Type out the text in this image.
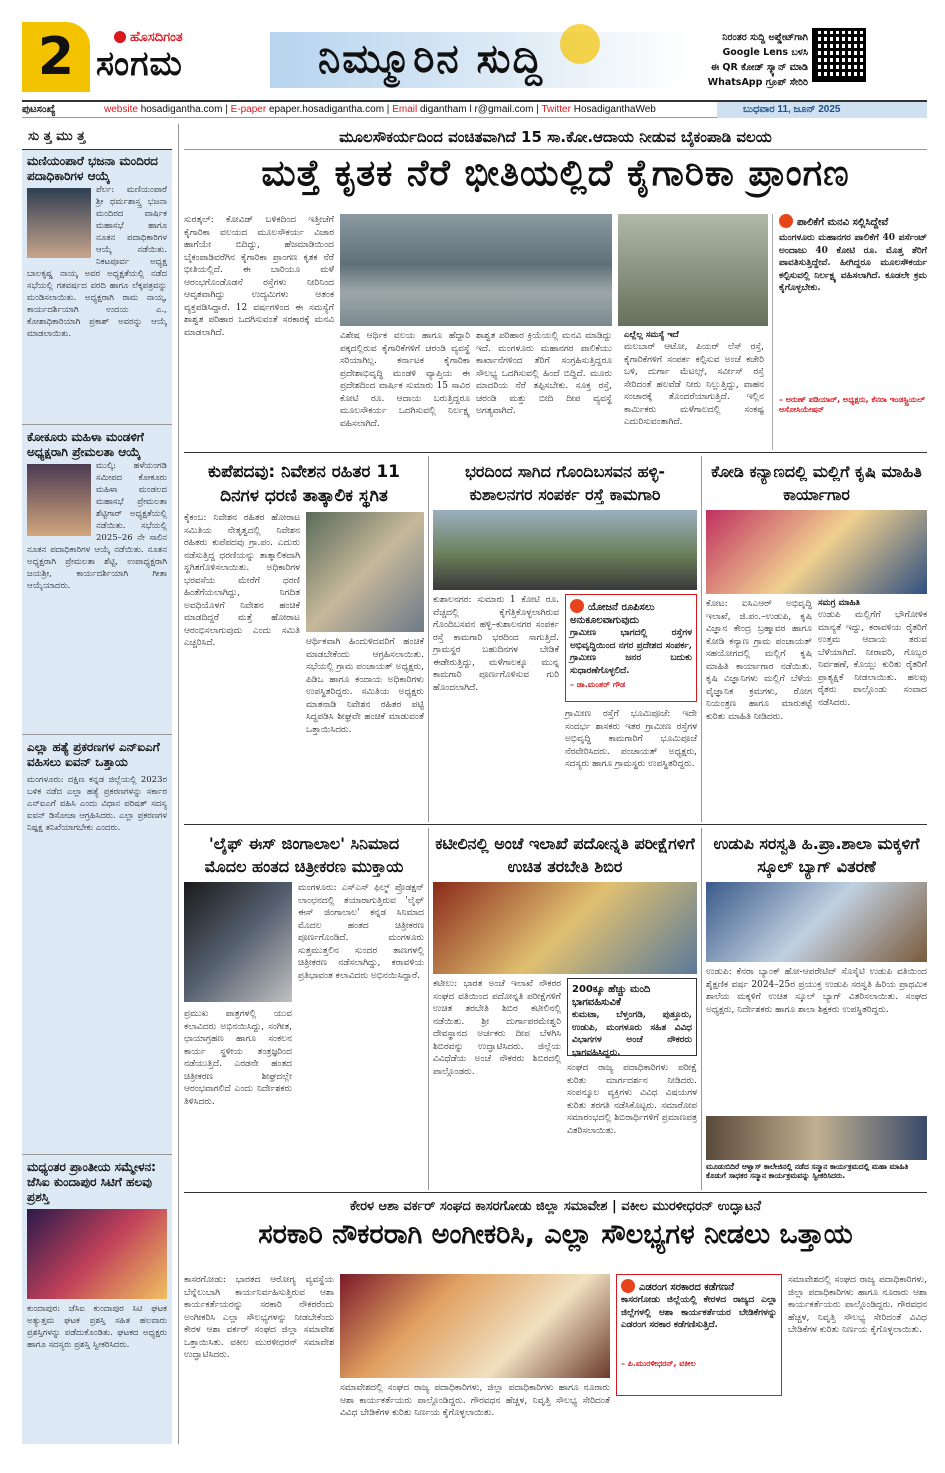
2	ಹೊಸದಿಗಂತ
ಸಂಗಮ	ನಿಮ್ಮೂರಿನ ಸುದ್ದಿ	ನಿರಂತರ ಸುದ್ದಿ ಅಪ್ಡೇಟ್‌ಗಾಗಿ
Google Lens ಬಳಸಿ
ಈ QR ಕೋಡ್ ಸ್ಕ್ಯಾನ್ ಮಾಡಿ
WhatsApp ಗ್ರೂಪ್ ಸೇರಿರಿ
ಪುಟಸಂಖ್ಯೆ	website hosadigantha.com | E-paper epaper.hosadigantha.com | Email digantham l r@gmail.com | Twitter HosadiganthaWeb	ಬುಧವಾರ 11, ಜೂನ್ 2025
ಸು ತ್ತ ಮು ತ್ತ
ಮಣಿಯಂಪಾರೆ ಭಜನಾ ಮಂದಿರದ ಪದಾಧಿಕಾರಿಗಳ ಆಯ್ಕೆ
ಪೆರ್ಲ: ಮಣಿಯಂಪಾರೆ ಶ್ರೀ ಧರ್ಮಶಾಸ್ತ್ರ ಭಜನಾ ಮಂದಿರದ ವಾರ್ಷಿಕ ಮಹಾಸಭೆ ಹಾಗೂ ನೂತನ ಪದಾಧಿಕಾರಿಗಳ ಆಯ್ಕೆ ನಡೆಯಿತು. ನಿಕಟಪೂರ್ವ ಅಧ್ಯಕ್ಷ ಬಾಲಕೃಷ್ಣ ನಾಯ್ಕ ಅವರ ಅಧ್ಯಕ್ಷತೆಯಲ್ಲಿ ನಡೆದ ಸಭೆಯಲ್ಲಿ ಗತವರ್ಷದ ವರದಿ ಹಾಗೂ ಲೆಕ್ಕಪತ್ರವನ್ನು ಮಂಡಿಸಲಾಯಿತು. ಅಧ್ಯಕ್ಷರಾಗಿ ರಾಮ ನಾಯ್ಕ, ಕಾರ್ಯದರ್ಶಿಯಾಗಿ ಉದಯ ಎ., ಕೋಶಾಧಿಕಾರಿಯಾಗಿ ಪ್ರಕಾಶ್ ಅವರನ್ನು ಆಯ್ಕೆ ಮಾಡಲಾಯಿತು.
ಕೋಕೂರು ಮಹಿಳಾ ಮಂಡಳಿಗೆ ಅಧ್ಯಕ್ಷರಾಗಿ ಪ್ರೇಮಲತಾ ಆಯ್ಕೆ
ಮುಲ್ಕಿ: ಹಳೆಯಂಗಡಿ ಸಮೀಪದ ಕೋಕೂರು ಮಹಿಳಾ ಮಂಡಲದ ಮಹಾಸಭೆ ಪ್ರೇಮಲತಾ ಶೆಟ್ಟಿಗಾರ್ ಅಧ್ಯಕ್ಷತೆಯಲ್ಲಿ ನಡೆಯಿತು. ಸಭೆಯಲ್ಲಿ 2025–26 ನೇ ಸಾಲಿನ ನೂತನ ಪದಾಧಿಕಾರಿಗಳ ಆಯ್ಕೆ ನಡೆಯಿತು. ನೂತನ ಅಧ್ಯಕ್ಷರಾಗಿ ಪ್ರೇಮಲತಾ ಶೆಟ್ಟಿ, ಉಪಾಧ್ಯಕ್ಷರಾಗಿ ಜಯಶ್ರೀ, ಕಾರ್ಯದರ್ಶಿಯಾಗಿ ಗೀತಾ ಆಯ್ಕೆಯಾದರು.
ಎಲ್ಲಾ ಹತ್ಯೆ ಪ್ರಕರಣಗಳ ಎನ್‌ಐಎಗೆ ವಹಿಸಲು ಐವನ್ ಒತ್ತಾಯ
ಮಂಗಳೂರು: ದಕ್ಷಿಣ ಕನ್ನಡ ಜಿಲ್ಲೆಯಲ್ಲಿ 2023ರ ಬಳಿಕ ನಡೆದ ಎಲ್ಲಾ ಹತ್ಯೆ ಪ್ರಕರಣಗಳನ್ನು ಸರ್ಕಾರ ಎನ್‌ಐಎಗೆ ವಹಿಸಿ ಎಂದು ವಿಧಾನ ಪರಿಷತ್ ಸದಸ್ಯ ಐವನ್ ಡಿಸೋಜಾ ಆಗ್ರಹಿಸಿದರು. ಎಲ್ಲಾ ಪ್ರಕರಣಗಳ ನಿಷ್ಪಕ್ಷ ತನಿಖೆಯಾಗಬೇಕು ಎಂದರು.
ಮಧ್ಯಂತರ ಪ್ರಾಂತೀಯ ಸಮ್ಮೇಳನ: ಜೆಸಿಐ ಕುಂದಾಪುರ ಸಿಟಿಗೆ ಹಲವು ಪ್ರಶಸ್ತಿ
ಕುಂದಾಪುರ: ಜೆಸಿಐ ಕುಂದಾಪುರ ಸಿಟಿ ಘಟಕ ಅತ್ಯುತ್ತಮ ಘಟಕ ಪ್ರಶಸ್ತಿ ಸಹಿತ ಹಲವಾರು ಪ್ರಶಸ್ತಿಗಳನ್ನು ಪಡೆದುಕೊಂಡಿತು. ಘಟಕದ ಅಧ್ಯಕ್ಷರು ಹಾಗೂ ಸದಸ್ಯರು ಪ್ರಶಸ್ತಿ ಸ್ವೀಕರಿಸಿದರು.
ಮೂಲಸೌಕರ್ಯದಿಂದ ವಂಚಿತವಾಗಿದೆ 15 ಸಾ.ಕೋ.ಆದಾಯ ನೀಡುವ ಬೈಕಂಪಾಡಿ ವಲಯ
ಮತ್ತೆ ಕೃತಕ ನೆರೆ ಭೀತಿಯಲ್ಲಿದೆ ಕೈಗಾರಿಕಾ ಪ್ರಾಂಗಣ
ಸುರತ್ಕಲ್: ಕೋವಿಡ್ ಬಳಿಕದಿಂದ ಇತ್ತೀಚೆಗೆ ಕೈಗಾರಿಕಾ ವಲಯದ ಮೂಲಸೌಕರ್ಯ ವಿಚಾರ ಹಾಗೆಯೇ ಬಿದಿದ್ದು, ಹೆಜಮಾಡಿಯಿಂದ ಬೈಕಂಪಾಡಿವರೆಗಿನ ಕೈಗಾರಿಕಾ ಪ್ರಾಂಗಣ ಕೃತಕ ನೆರೆ ಭೀತಿಯಲ್ಲಿದೆ. ಈ ಬಾರಿಯೂ ಮಳೆ ಆರಂಭಗೊಂಡೊಡನೆ ರಸ್ತೆಗಳು ನೀರಿನಿಂದ ಆವೃತವಾಗಿದ್ದು ಉದ್ಯಮಿಗಳು ಆತಂಕ ವ್ಯಕ್ತಪಡಿಸಿದ್ದಾರೆ. 12 ವರ್ಷಗಳಿಂದ ಈ ಸಮಸ್ಯೆಗೆ ಶಾಶ್ವತ ಪರಿಹಾರ ಒದಗಿಸುವಂತೆ ಸರಕಾರಕ್ಕೆ ಮನವಿ ಮಾಡಲಾಗಿದೆ.	ವಿಶೇಷ ಆರ್ಥಿಕ ವಲಯ ಹಾಗೂ ಹೆದ್ದಾರಿ ಪಕ್ಕದಲ್ಲಿರುವ ಕೈಗಾರಿಕೆಗಳಿಗೆ ಚರಂಡಿ ವ್ಯವಸ್ಥೆ ಸರಿಯಾಗಿಲ್ಲ. ಕರ್ನಾಟಕ ಕೈಗಾರಿಕಾ ಪ್ರದೇಶಾಭಿವೃದ್ಧಿ ಮಂಡಳಿ ವ್ಯಾಪ್ತಿಯ ಈ ಪ್ರದೇಶದಿಂದ ವಾರ್ಷಿಕ ಸುಮಾರು 15 ಸಾವಿರ ಕೋಟಿ ರೂ. ಆದಾಯ ಬರುತ್ತಿದ್ದರೂ ಮೂಲಸೌಕರ್ಯ ಒದಗಿಸುವಲ್ಲಿ ನಿರ್ಲಕ್ಷ್ಯ ವಹಿಸಲಾಗಿದೆ.
ಶಾಶ್ವತ ಪರಿಹಾರ ಕ್ರಿಯೆಯಲ್ಲಿ ಮನವಿ ಮಾಡಿದ್ದು ಇದೆ. ಮಂಗಳೂರು ಮಹಾನಗರ ಪಾಲಿಕೆಯು ಕಾರ್ಖಾನೆಗಳಿಂದ ತೆರಿಗೆ ಸಂಗ್ರಹಿಸುತ್ತಿದ್ದರೂ ಸೌಲಭ್ಯ ಒದಗಿಸುವಲ್ಲಿ ಹಿಂದೆ ಬಿದ್ದಿದೆ. ಮೂರು ಮಾದರಿಯ ನೆರೆ ತಪ್ಪಿಸಬೇಕು. ಸೂಕ್ತ ರಸ್ತೆ, ಚರಂಡಿ ಮತ್ತು ಬೀದಿ ದೀಪ ವ್ಯವಸ್ಥೆ ಅಗತ್ಯವಾಗಿದೆ.
ಎಲ್ಲೆಲ್ಲ ಸಮಸ್ಯೆ ಇದೆ
ಮಲಬಾರ್ ಆಟೋ, ಪಿಯರ್ ಲೆಸ್ ರಸ್ತೆ, ಕೈಗಾರಿಕೆಗಳಿಗೆ ಸಂಪರ್ಕ ಕಲ್ಪಿಸುವ ಅಂಚೆ ಕಚೇರಿ ಬಳಿ, ದುರ್ಗಾ ಮೆಟಲ್ಸ್, ಸರ್ವೀಸ್ ರಸ್ತೆ ಸೇರಿದಂತೆ ಹಲವೆಡೆ ನೀರು ನಿಲ್ಲುತ್ತಿದ್ದು, ವಾಹನ ಸಂಚಾರಕ್ಕೆ ತೊಂದರೆಯಾಗುತ್ತಿದೆ. ಇಲ್ಲಿನ ಕಾರ್ಮಿಕರು ಮಳೆಗಾಲದಲ್ಲಿ ಸಂಕಷ್ಟ ಎದುರಿಸುವಂತಾಗಿದೆ.
ಪಾಲಿಕೆಗೆ ಮನವಿ ಸಲ್ಲಿಸಿದ್ದೇವೆ
ಮಂಗಳೂರು ಮಹಾನಗರ ಪಾಲಿಕೆಗೆ 40 ಪರ್ಸೆಂಟ್ ಅಂದಾಜು 40 ಕೋಟಿ ರೂ. ಮೊತ್ತ ತೆರಿಗೆ ಪಾವತಿಸುತ್ತಿದ್ದೇವೆ. ಹೀಗಿದ್ದರೂ ಮೂಲಸೌಕರ್ಯ ಕಲ್ಪಿಸುವಲ್ಲಿ ನಿರ್ಲಕ್ಷ್ಯ ವಹಿಸಲಾಗಿದೆ. ಕೂಡಲೇ ಕ್ರಮ ಕೈಗೊಳ್ಳಬೇಕು.
– ಅರುಣ್ ಪಡಿಯಾರ್, ಅಧ್ಯಕ್ಷರು, ಕೆನರಾ ಇಂಡಸ್ಟ್ರಿಯಲ್ ಅಸೋಸಿಯೇಷನ್
ಕುಪೆಪದವು: ನಿವೇಶನ ರಹಿತರ 11 ದಿನಗಳ ಧರಣಿ ತಾತ್ಕಾಲಿಕ ಸ್ಥಗಿತ
ಕೈಕಂಬ: ನಿವೇಶನ ರಹಿತರ ಹೋರಾಟ ಸಮಿತಿಯ ನೇತೃತ್ವದಲ್ಲಿ ನಿವೇಶನ ರಹಿತರು ಕುಪೆಪದವು ಗ್ರಾ.ಪಂ. ಎದುರು ನಡೆಸುತ್ತಿದ್ದ ಧರಣಿಯನ್ನು ತಾತ್ಕಾಲಿಕವಾಗಿ ಸ್ಥಗಿತಗೊಳಿಸಲಾಯಿತು. ಅಧಿಕಾರಿಗಳ ಭರವಸೆಯ ಮೇರೆಗೆ ಧರಣಿ ಹಿಂತೆಗೆಯಲಾಗಿದ್ದು, ನಿಗದಿತ ಅವಧಿಯೊಳಗೆ ನಿವೇಶನ ಹಂಚಿಕೆ ಮಾಡದಿದ್ದರೆ ಮತ್ತೆ ಹೋರಾಟ ಆರಂಭಿಸಲಾಗುವುದು ಎಂದು ಸಮಿತಿ ಎಚ್ಚರಿಸಿದೆ.	ಆರ್ಥಿಕವಾಗಿ ಹಿಂದುಳಿದವರಿಗೆ ಹಂಚಿಕೆ ಮಾಡಬೇಕೆಂದು ಆಗ್ರಹಿಸಲಾಯಿತು. ಸಭೆಯಲ್ಲಿ ಗ್ರಾಮ ಪಂಚಾಯತ್ ಅಧ್ಯಕ್ಷರು, ಪಿಡಿಒ ಹಾಗೂ ಕಂದಾಯ ಅಧಿಕಾರಿಗಳು ಉಪಸ್ಥಿತರಿದ್ದರು. ಸಮಿತಿಯ ಅಧ್ಯಕ್ಷರು ಮಾತನಾಡಿ ನಿವೇಶನ ರಹಿತರ ಪಟ್ಟಿ ಸಿದ್ಧಪಡಿಸಿ ಶೀಘ್ರವೇ ಹಂಚಿಕೆ ಮಾಡುವಂತೆ ಒತ್ತಾಯಿಸಿದರು.
ಭರದಿಂದ ಸಾಗಿದ ಗೊಂದಿಬಸವನ ಹಳ್ಳಿ-ಕುಶಾಲನಗರ ಸಂಪರ್ಕ ರಸ್ತೆ ಕಾಮಗಾರಿ
ಕುಶಾಲನಗರ: ಸುಮಾರು 1 ಕೋಟಿ ರೂ. ವೆಚ್ಚದಲ್ಲಿ ಕೈಗೆತ್ತಿಕೊಳ್ಳಲಾಗಿರುವ ಗೊಂದಿಬಸವನ ಹಳ್ಳಿ–ಕುಶಾಲನಗರ ಸಂಪರ್ಕ ರಸ್ತೆ ಕಾಮಗಾರಿ ಭರದಿಂದ ಸಾಗುತ್ತಿದೆ. ಗ್ರಾಮಸ್ಥರ ಬಹುದಿನಗಳ ಬೇಡಿಕೆ ಈಡೇರುತ್ತಿದ್ದು, ಮಳೆಗಾಲಕ್ಕೂ ಮುನ್ನ ಕಾಮಗಾರಿ ಪೂರ್ಣಗೊಳಿಸುವ ಗುರಿ ಹೊಂದಲಾಗಿದೆ.
ಯೋಜನೆ ರೂಪಿಸಲು ಅನುಕೂಲವಾಗುವುದು
ಗ್ರಾಮೀಣ ಭಾಗದಲ್ಲಿ ರಸ್ತೆಗಳ ಅಭಿವೃದ್ಧಿಯಿಂದ ನಗರ ಪ್ರದೇಶದ ಸಂಪರ್ಕ, ಗ್ರಾಮೀಣ ಜನರ ಬದುಕು ಸುಧಾರಣೆಗೊಳ್ಳಲಿದೆ.
– ಡಾ.ಮಂತರ್ ಗೌಡ
ಗ್ರಾಮೀಣ ರಸ್ತೆಗೆ ಭೂಮಿಪೂಜೆ: ಇದೇ ಸಂದರ್ಭ ಶಾಸಕರು ಇತರ ಗ್ರಾಮೀಣ ರಸ್ತೆಗಳ ಅಭಿವೃದ್ಧಿ ಕಾಮಗಾರಿಗೆ ಭೂಮಿಪೂಜೆ ನೆರವೇರಿಸಿದರು. ಪಂಚಾಯತ್ ಅಧ್ಯಕ್ಷರು, ಸದಸ್ಯರು ಹಾಗೂ ಗ್ರಾಮಸ್ಥರು ಉಪಸ್ಥಿತರಿದ್ದರು.
ಕೋಡಿ ಕನ್ಯಾಣದಲ್ಲಿ ಮಲ್ಲಿಗೆ ಕೃಷಿ ಮಾಹಿತಿ ಕಾರ್ಯಾಗಾರ
ಕೋಟ: ಐಸಿಎಆರ್ ಅಭಿವೃದ್ಧಿ ಇಲಾಖೆ, ಜಿ.ಪಂ.–ಉಡುಪಿ, ಕೃಷಿ ವಿಜ್ಞಾನ ಕೇಂದ್ರ ಬ್ರಹ್ಮಾವರ ಹಾಗೂ ಕೋಡಿ ಕನ್ಯಾಣ ಗ್ರಾಮ ಪಂಚಾಯತ್ ಸಹಯೋಗದಲ್ಲಿ ಮಲ್ಲಿಗೆ ಕೃಷಿ ಮಾಹಿತಿ ಕಾರ್ಯಾಗಾರ ನಡೆಯಿತು. ಕೃಷಿ ವಿಜ್ಞಾನಿಗಳು ಮಲ್ಲಿಗೆ ಬೆಳೆಯ ವೈಜ್ಞಾನಿಕ ಕ್ರಮಗಳು, ರೋಗ ನಿಯಂತ್ರಣ ಹಾಗೂ ಮಾರುಕಟ್ಟೆ ಕುರಿತು ಮಾಹಿತಿ ನೀಡಿದರು.
ಸಮಗ್ರ ಮಾಹಿತಿ
ಉಡುಪಿ ಮಲ್ಲಿಗೆಗೆ ಭೌಗೋಳಿಕ ಮಾನ್ಯತೆ ಇದ್ದು, ಕರಾವಳಿಯ ರೈತರಿಗೆ ಉತ್ತಮ ಆದಾಯ ತರುವ ಬೆಳೆಯಾಗಿದೆ. ನೀರಾವರಿ, ಗೊಬ್ಬರ ನಿರ್ವಹಣೆ, ಕೊಯ್ಲು ಕುರಿತು ರೈತರಿಗೆ ಪ್ರಾತ್ಯಕ್ಷಿಕೆ ನೀಡಲಾಯಿತು. ಹಲವು ರೈತರು ಪಾಲ್ಗೊಂಡು ಸಂವಾದ ನಡೆಸಿದರು.
'ಲೈಫ್ ಈಸ್ ಜಿಂಗಾಲಾಲ' ಸಿನಿಮಾದ ಮೊದಲ ಹಂತದ ಚಿತ್ರೀಕರಣ ಮುಕ್ತಾಯ
ಮಂಗಳೂರು: ಎಸ್‌ಎಸ್ ಫಿಲ್ಮ್ ಪ್ರೊಡಕ್ಷನ್ ಲಾಂಛನದಲ್ಲಿ ತಯಾರಾಗುತ್ತಿರುವ 'ಲೈಫ್ ಈಸ್ ಜಿಂಗಾಲಾಲ' ಕನ್ನಡ ಸಿನಿಮಾದ ಮೊದಲ ಹಂತದ ಚಿತ್ರೀಕರಣ ಪೂರ್ಣಗೊಂಡಿದೆ. ಮಂಗಳೂರು ಸುತ್ತಮುತ್ತಲಿನ ಸುಂದರ ತಾಣಗಳಲ್ಲಿ ಚಿತ್ರೀಕರಣ ನಡೆಸಲಾಗಿದ್ದು, ಕರಾವಳಿಯ ಪ್ರತಿಭಾವಂತ ಕಲಾವಿದರು ಅಭಿನಯಿಸಿದ್ದಾರೆ.
ಪ್ರಮುಖ ಪಾತ್ರಗಳಲ್ಲಿ ಯುವ ಕಲಾವಿದರು ಅಭಿನಯಿಸಿದ್ದು, ಸಂಗೀತ, ಛಾಯಾಗ್ರಹಣ ಹಾಗೂ ಸಂಕಲನ ಕಾರ್ಯ ಸ್ಥಳೀಯ ತಂತ್ರಜ್ಞರಿಂದ ನಡೆಯುತ್ತಿದೆ. ಎರಡನೇ ಹಂತದ ಚಿತ್ರೀಕರಣ ಶೀಘ್ರದಲ್ಲೇ ಆರಂಭವಾಗಲಿದೆ ಎಂದು ನಿರ್ದೇಶಕರು ತಿಳಿಸಿದರು.
ಕಟೀಲಿನಲ್ಲಿ ಅಂಚೆ ಇಲಾಖೆ ಪದೋನ್ನತಿ ಪರೀಕ್ಷೆಗಳಿಗೆ ಉಚಿತ ತರಬೇತಿ ಶಿಬಿರ
ಕಟೀಲು: ಭಾರತ ಅಂಚೆ ಇಲಾಖೆ ನೌಕರರ ಸಂಘದ ವತಿಯಿಂದ ಪದೋನ್ನತಿ ಪರೀಕ್ಷೆಗಳಿಗೆ ಉಚಿತ ತರಬೇತಿ ಶಿಬಿರ ಕಟೀಲಿನಲ್ಲಿ ನಡೆಯಿತು. ಶ್ರೀ ದುರ್ಗಾಪರಮೇಶ್ವರಿ ದೇವಸ್ಥಾನದ ಅರ್ಚಕರು ದೀಪ ಬೆಳಗಿಸಿ ಶಿಬಿರವನ್ನು ಉದ್ಘಾಟಿಸಿದರು. ಜಿಲ್ಲೆಯ ವಿವಿಧೆಡೆಯ ಅಂಚೆ ನೌಕರರು ಶಿಬಿರದಲ್ಲಿ ಪಾಲ್ಗೊಂಡರು.
200ಕ್ಕೂ ಹೆಚ್ಚು ಮಂದಿ ಭಾಗವಹಿಸುವಿಕೆ
ಕುಮಟಾ, ಬೆಳ್ತಂಗಡಿ, ಪುತ್ತೂರು, ಉಡುಪಿ, ಮಂಗಳೂರು ಸಹಿತ ವಿವಿಧ ವಿಭಾಗಗಳ ಅಂಚೆ ನೌಕರರು ಭಾಗವಹಿಸಿದ್ದರು.
ಸಂಘದ ರಾಜ್ಯ ಪದಾಧಿಕಾರಿಗಳು ಪರೀಕ್ಷೆ ಕುರಿತು ಮಾರ್ಗದರ್ಶನ ನೀಡಿದರು. ಸಂಪನ್ಮೂಲ ವ್ಯಕ್ತಿಗಳು ವಿವಿಧ ವಿಷಯಗಳ ಕುರಿತು ತರಗತಿ ನಡೆಸಿಕೊಟ್ಟರು. ಸಮಾರೋಪ ಸಮಾರಂಭದಲ್ಲಿ ಶಿಬಿರಾರ್ಥಿಗಳಿಗೆ ಪ್ರಮಾಣಪತ್ರ ವಿತರಿಸಲಾಯಿತು.
ಉಡುಪಿ ಸರಸ್ವತಿ ಹಿ.ಪ್ರಾ.ಶಾಲಾ ಮಕ್ಕಳಿಗೆ ಸ್ಕೂಲ್ ಬ್ಯಾಗ್ ವಿತರಣೆ
ಉಡುಪಿ: ಕೆನರಾ ಬ್ಯಾಂಕ್ ಹೋ-ಆಪರೇಟಿವ್ ಸೊಸೈಟಿ ಉಡುಪಿ ವತಿಯಿಂದ ಶೈಕ್ಷಣಿಕ ವರ್ಷ 2024–25ರ ಪ್ರಯುಕ್ತ ಉಡುಪಿ ಸರಸ್ವತಿ ಹಿರಿಯ ಪ್ರಾಥಮಿಕ ಶಾಲೆಯ ಮಕ್ಕಳಿಗೆ ಉಚಿತ ಸ್ಕೂಲ್ ಬ್ಯಾಗ್ ವಿತರಿಸಲಾಯಿತು. ಸಂಘದ ಅಧ್ಯಕ್ಷರು, ನಿರ್ದೇಶಕರು ಹಾಗೂ ಶಾಲಾ ಶಿಕ್ಷಕರು ಉಪಸ್ಥಿತರಿದ್ದರು.
ಮೂಡುಬಿದಿರೆ ಆಳ್ವಾಸ್ ಕಾಲೇಜಿನಲ್ಲಿ ನಡೆದ ಸನ್ಮಾನ ಕಾರ್ಯಕ್ರಮದಲ್ಲಿ ಮಹಾ ಮಾಹಿತಿ ಕೊಡುಗೆ ಸಾಧಕರ ಸನ್ಮಾನ ಕಾರ್ಯಕ್ರಮವನ್ನು ಸ್ವೀಕರಿಸಿದರು.
ಕೇರಳ ಆಶಾ ವರ್ಕರ್ ಸಂಘದ ಕಾಸರಗೋಡು ಜಿಲ್ಲಾ ಸಮಾವೇಶ | ವಕೀಲ ಮುರಳೀಧರನ್ ಉದ್ಘಾಟನೆ
ಸರಕಾರಿ ನೌಕರರಾಗಿ ಅಂಗೀಕರಿಸಿ, ಎಲ್ಲಾ ಸೌಲಭ್ಯಗಳ ನೀಡಲು ಒತ್ತಾಯ
ಕಾಸರಗೋಡು: ಭಾರತದ ಆರೋಗ್ಯ ವ್ಯವಸ್ಥೆಯ ಬೆನ್ನೆಲುಬಾಗಿ ಕಾರ್ಯನಿರ್ವಹಿಸುತ್ತಿರುವ ಆಶಾ ಕಾರ್ಯಕರ್ತೆಯರನ್ನು ಸರಕಾರಿ ನೌಕರರೆಂದು ಅಂಗೀಕರಿಸಿ ಎಲ್ಲಾ ಸೌಲಭ್ಯಗಳನ್ನು ನೀಡಬೇಕೆಂದು ಕೇರಳ ಆಶಾ ವರ್ಕರ್ ಸಂಘದ ಜಿಲ್ಲಾ ಸಮಾವೇಶ ಒತ್ತಾಯಿಸಿತು. ವಕೀಲ ಮುರಳೀಧರನ್ ಸಮಾವೇಶ ಉದ್ಘಾಟಿಸಿದರು.
ಸಮಾವೇಶದಲ್ಲಿ ಸಂಘದ ರಾಜ್ಯ ಪದಾಧಿಕಾರಿಗಳು, ಜಿಲ್ಲಾ ಪದಾಧಿಕಾರಿಗಳು ಹಾಗೂ ನೂರಾರು ಆಶಾ ಕಾರ್ಯಕರ್ತೆಯರು ಪಾಲ್ಗೊಂಡಿದ್ದರು. ಗೌರವಧನ ಹೆಚ್ಚಳ, ನಿವೃತ್ತಿ ಸೌಲಭ್ಯ ಸೇರಿದಂತೆ ವಿವಿಧ ಬೇಡಿಕೆಗಳ ಕುರಿತು ನಿರ್ಣಯ ಕೈಗೊಳ್ಳಲಾಯಿತು.
ಎಡರಂಗ ಸರಕಾರದ ಕಡೆಗಣನೆ
ಕಾಸರಗೋಡು ಜಿಲ್ಲೆಯಲ್ಲಿ ಕೇರಳದ ರಾಜ್ಯದ ಎಲ್ಲಾ ಜಿಲ್ಲೆಗಳಲ್ಲಿ ಆಶಾ ಕಾರ್ಯಕರ್ತೆಯರ ಬೇಡಿಕೆಗಳನ್ನು ಎಡರಂಗ ಸರಕಾರ ಕಡೆಗಣಿಸುತ್ತಿದೆ.
– ಪಿ.ಮುರಳೀಧರನ್, ವಕೀಲ
ಸಮಾವೇಶದಲ್ಲಿ ಸಂಘದ ರಾಜ್ಯ ಪದಾಧಿಕಾರಿಗಳು, ಜಿಲ್ಲಾ ಪದಾಧಿಕಾರಿಗಳು ಹಾಗೂ ನೂರಾರು ಆಶಾ ಕಾರ್ಯಕರ್ತೆಯರು ಪಾಲ್ಗೊಂಡಿದ್ದರು. ಗೌರವಧನ ಹೆಚ್ಚಳ, ನಿವೃತ್ತಿ ಸೌಲಭ್ಯ ಸೇರಿದಂತೆ ವಿವಿಧ ಬೇಡಿಕೆಗಳ ಕುರಿತು ನಿರ್ಣಯ ಕೈಗೊಳ್ಳಲಾಯಿತು.
